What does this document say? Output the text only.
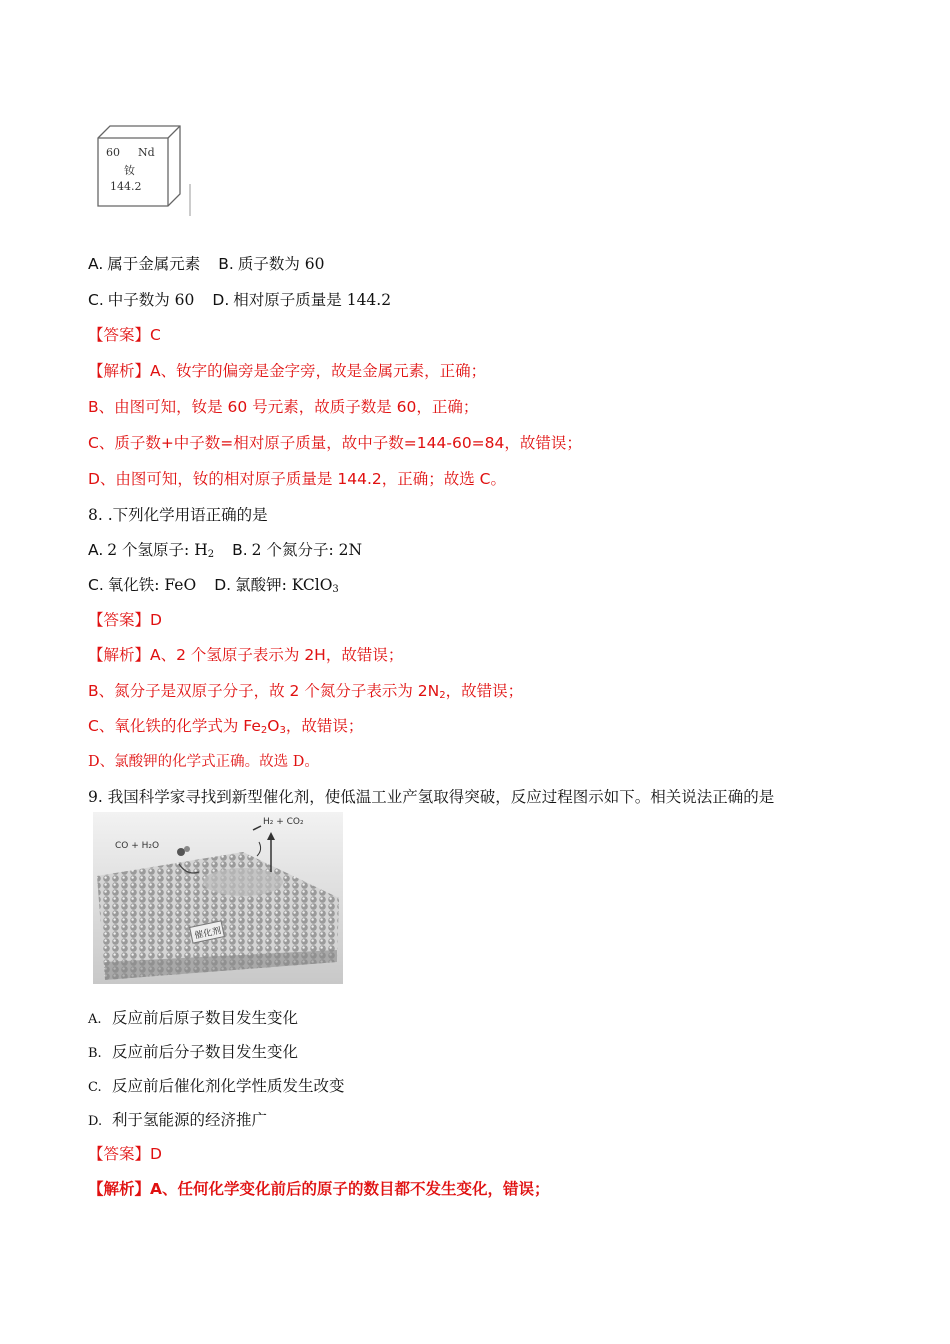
60 Nd
钕
144.2
A. 属于金属元素 B. 质子数为 60
C. 中子数为 60 D. 相对原子质量是 144.2
【答案】C
【解析】A、钕字的偏旁是金字旁，故是金属元素，正确；
B、由图可知，钕是 60 号元素，故质子数是 60，正确；
C、质子数+中子数=相对原子质量，故中子数=144-60=84，故错误；
D、由图可知，钕的相对原子质量是 144.2，正确；故选 C。
8. .下列化学用语正确的是
A. 2 个氢原子: $H_2$ B. 2 个氮分子: 2N
C. 氧化铁: FeO D. 氯酸钾: KClO$_3$
【答案】D
【解析】A、2 个氢原子表示为 2H，故错误；
B、氮分子是双原子分子，故 2 个氮分子表示为 $2N_2$，故错误；
C、氧化铁的化学式为 $Fe_2O_3$，故错误；
D、氯酸钾的化学式正确。故选 D。
9. 我国科学家寻找到新型催化剂，使低温工业产氢取得突破，反应过程图示如下。相关说法正确的是
催化剂
CO + H₂O
H₂ + CO₂
A. 反应前后原子数目发生变化
B. 反应前后分子数目发生变化
C. 反应前后催化剂化学性质发生改变
D. 利于氢能源的经济推广
【答案】D
【解析】A、任何化学变化前后的原子的数目都不发生变化，错误；
